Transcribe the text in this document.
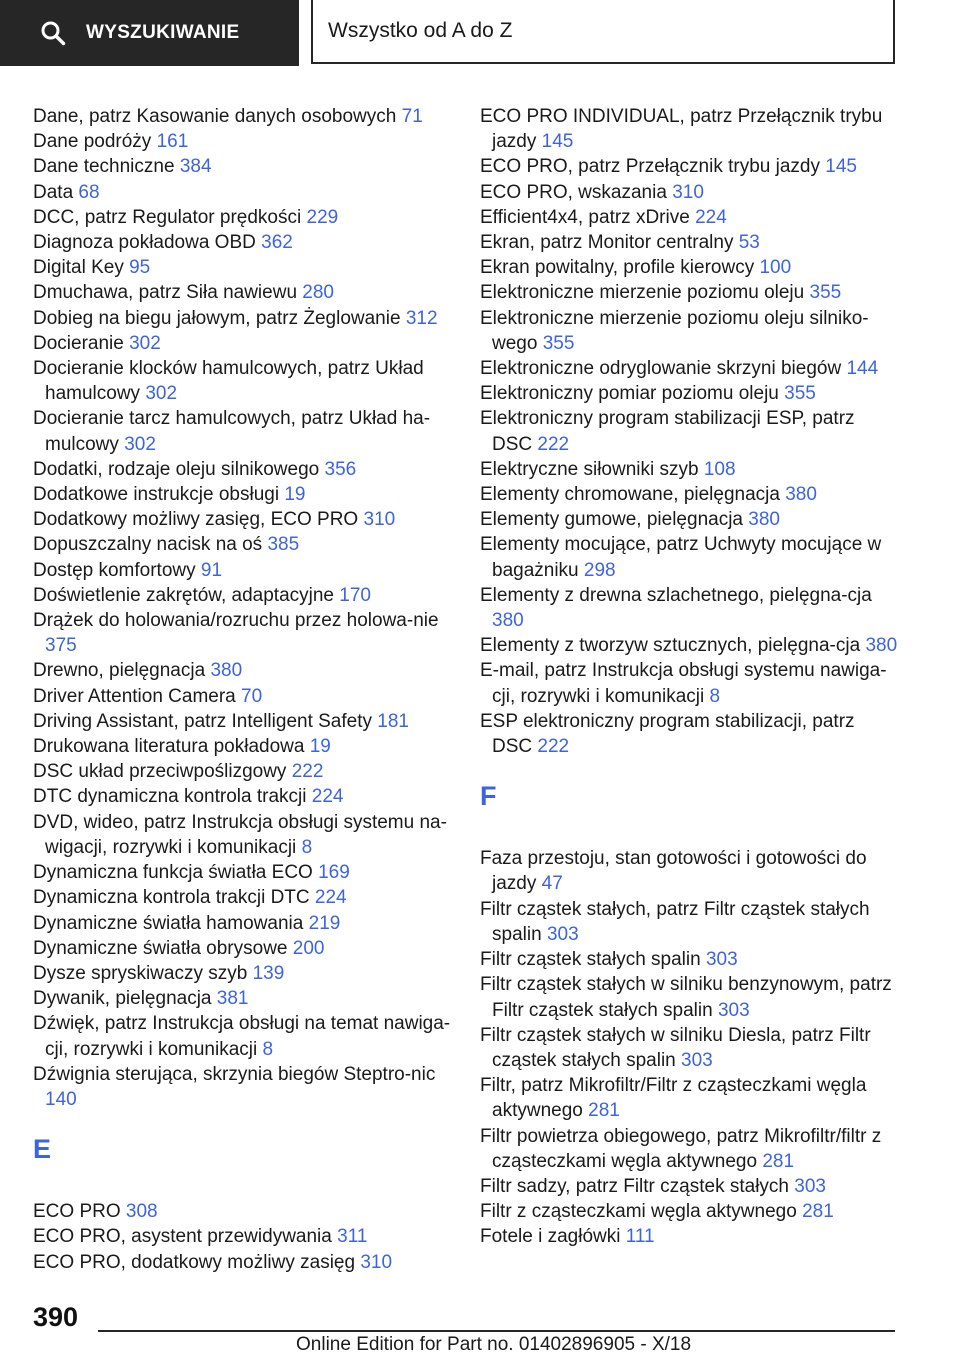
WYSZUKIWANIE	Wszystko od A do Z

Dane, patrz Kasowanie danych osobowych 71

Dane podróży 161

Dane techniczne 384

Data 68

DCC, patrz Regulator prędkości 229

Diagnoza pokładowa OBD 362

Digital Key 95

Dmuchawa, patrz Siła nawiewu 280

Dobieg na biegu jałowym, patrz Żeglowanie 312

Docieranie 302

Docieranie klocków hamulcowych, patrz Układ hamulcowy 302

Docieranie tarcz hamulcowych, patrz Układ ha-mulcowy 302

Dodatki, rodzaje oleju silnikowego 356

Dodatkowe instrukcje obsługi 19

Dodatkowy możliwy zasięg, ECO PRO 310

Dopuszczalny nacisk na oś 385

Dostęp komfortowy 91

Doświetlenie zakrętów, adaptacyjne 170

Drążek do holowania/rozruchu przez holowa-nie 375

Drewno, pielęgnacja 380

Driver Attention Camera 70

Driving Assistant, patrz Intelligent Safety 181

Drukowana literatura pokładowa 19

DSC układ przeciwpoślizgowy 222

DTC dynamiczna kontrola trakcji 224

DVD, wideo, patrz Instrukcja obsługi systemu na-wigacji, rozrywki i komunikacji 8

Dynamiczna funkcja światła ECO 169

Dynamiczna kontrola trakcji DTC 224

Dynamiczne światła hamowania 219

Dynamiczne światła obrysowe 200

Dysze spryskiwaczy szyb 139

Dywanik, pielęgnacja 381

Dźwięk, patrz Instrukcja obsługi na temat nawiga-cji, rozrywki i komunikacji 8

Dźwignia sterująca, skrzynia biegów Steptro-nic 140

E

ECO PRO 308

ECO PRO, asystent przewidywania 311

ECO PRO, dodatkowy możliwy zasięg 310

ECO PRO INDIVIDUAL, patrz Przełącznik trybu jazdy 145

ECO PRO, patrz Przełącznik trybu jazdy 145

ECO PRO, wskazania 310

Efficient4x4, patrz xDrive 224

Ekran, patrz Monitor centralny 53

Ekran powitalny, profile kierowcy 100

Elektroniczne mierzenie poziomu oleju 355

Elektroniczne mierzenie poziomu oleju silniko-wego 355

Elektroniczne odryglowanie skrzyni biegów 144

Elektroniczny pomiar poziomu oleju 355

Elektroniczny program stabilizacji ESP, patrz DSC 222

Elektryczne siłowniki szyb 108

Elementy chromowane, pielęgnacja 380

Elementy gumowe, pielęgnacja 380

Elementy mocujące, patrz Uchwyty mocujące w bagażniku 298

Elementy z drewna szlachetnego, pielęgna-cja 380

Elementy z tworzyw sztucznych, pielęgna-cja 380

E-mail, patrz Instrukcja obsługi systemu nawiga-cji, rozrywki i komunikacji 8

ESP elektroniczny program stabilizacji, patrz DSC 222

F

Faza przestoju, stan gotowości i gotowości do jazdy 47

Filtr cząstek stałych, patrz Filtr cząstek stałych spalin 303

Filtr cząstek stałych spalin 303

Filtr cząstek stałych w silniku benzynowym, patrz Filtr cząstek stałych spalin 303

Filtr cząstek stałych w silniku Diesla, patrz Filtr cząstek stałych spalin 303

Filtr, patrz Mikrofiltr/Filtr z cząsteczkami węgla aktywnego 281

Filtr powietrza obiegowego, patrz Mikrofiltr/filtr z cząsteczkami węgla aktywnego 281

Filtr sadzy, patrz Filtr cząstek stałych 303

Filtr z cząsteczkami węgla aktywnego 281

Fotele i zagłówki 111

390
Online Edition for Part no. 01402896905 - X/18
